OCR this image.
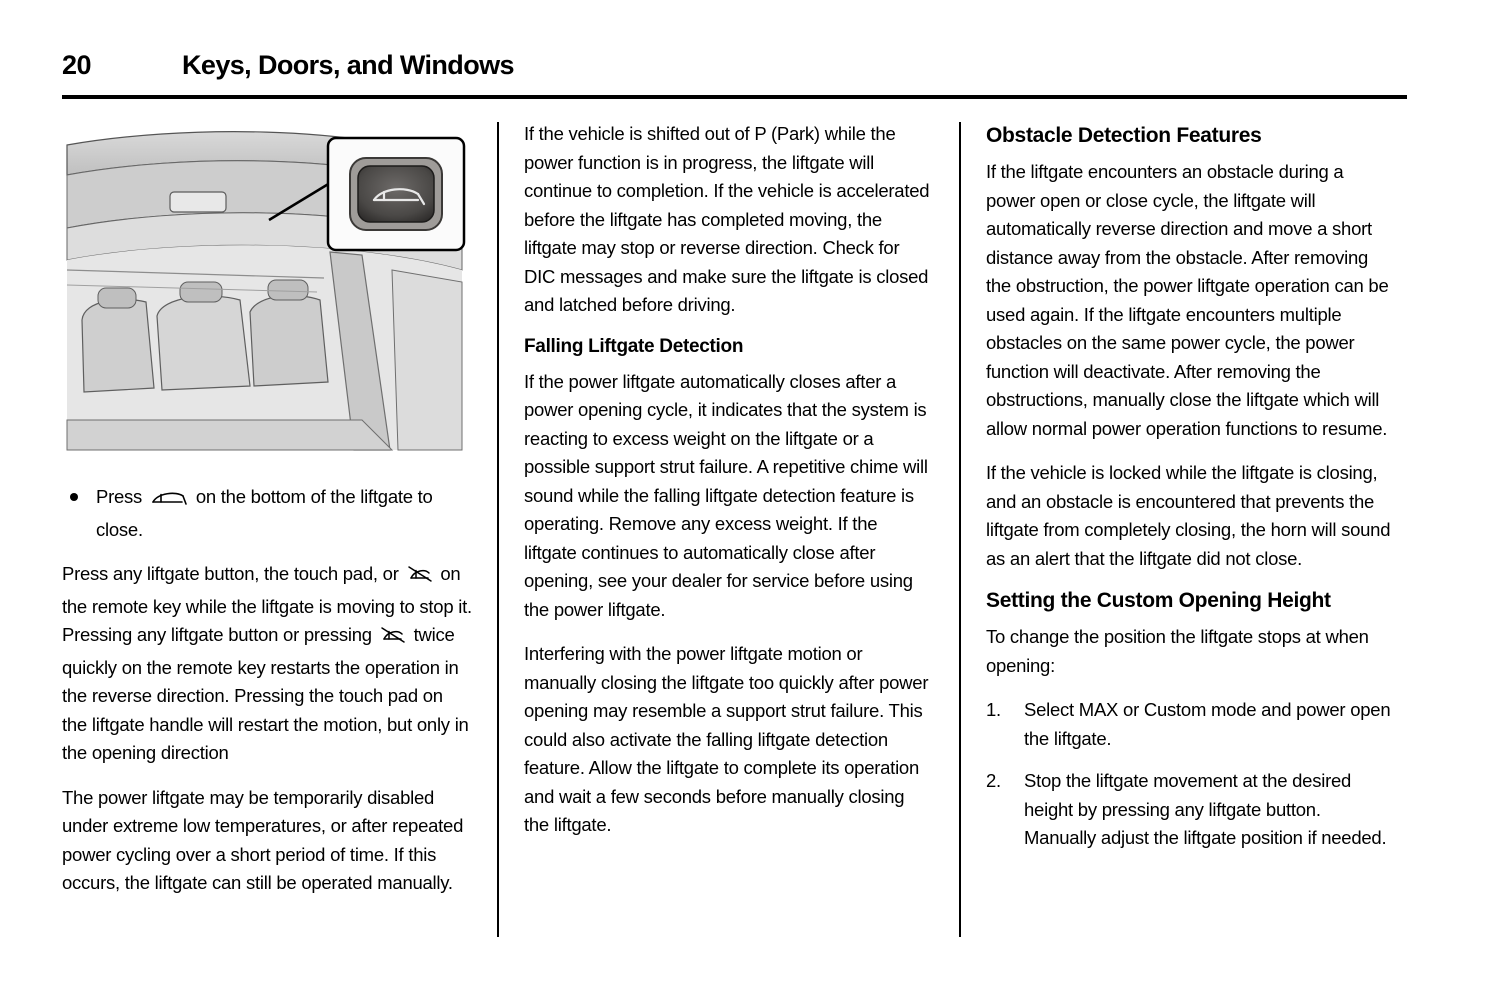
20	Keys, Doors, and Windows
Press	on the bottom of the liftgate to close.

Press any liftgate button, the touch pad, or on the remote key while the liftgate is moving to stop it. Pressing any liftgate button or pressing twice quickly on the remote key restarts the operation in the reverse direction. Pressing the touch pad on the liftgate handle will restart the motion, but only in the opening direction

The power liftgate may be temporarily disabled under extreme low temperatures, or after repeated power cycling over a short period of time. If this occurs, the liftgate can still be operated manually.

If the vehicle is shifted out of P (Park) while the power function is in progress, the liftgate will continue to completion. If the vehicle is accelerated before the liftgate has completed moving, the liftgate may stop or reverse direction. Check for DIC messages and make sure the liftgate is closed and latched before driving.

Falling Liftgate Detection

If the power liftgate automatically closes after a power opening cycle, it indicates that the system is reacting to excess weight on the liftgate or a possible support strut failure. A repetitive chime will sound while the falling liftgate detection feature is operating. Remove any excess weight. If the liftgate continues to automatically close after opening, see your dealer for service before using the power liftgate.

Interfering with the power liftgate motion or manually closing the liftgate too quickly after power opening may resemble a support strut failure. This could also activate the falling liftgate detection feature. Allow the liftgate to complete its operation and wait a few seconds before manually closing the liftgate.

Obstacle Detection Features

If the liftgate encounters an obstacle during a power open or close cycle, the liftgate will automatically reverse direction and move a short distance away from the obstacle. After removing the obstruction, the power liftgate operation can be used again. If the liftgate encounters multiple obstacles on the same power cycle, the power function will deactivate. After removing the obstructions, manually close the liftgate which will allow normal power operation functions to resume.

If the vehicle is locked while the liftgate is closing, and an obstacle is encountered that prevents the liftgate from completely closing, the horn will sound as an alert that the liftgate did not close.

Setting the Custom Opening Height

To change the position the liftgate stops at when opening:

1. Select MAX or Custom mode and power open the liftgate.
2. Stop the liftgate movement at the desired height by pressing any liftgate button. Manually adjust the liftgate position if needed.
